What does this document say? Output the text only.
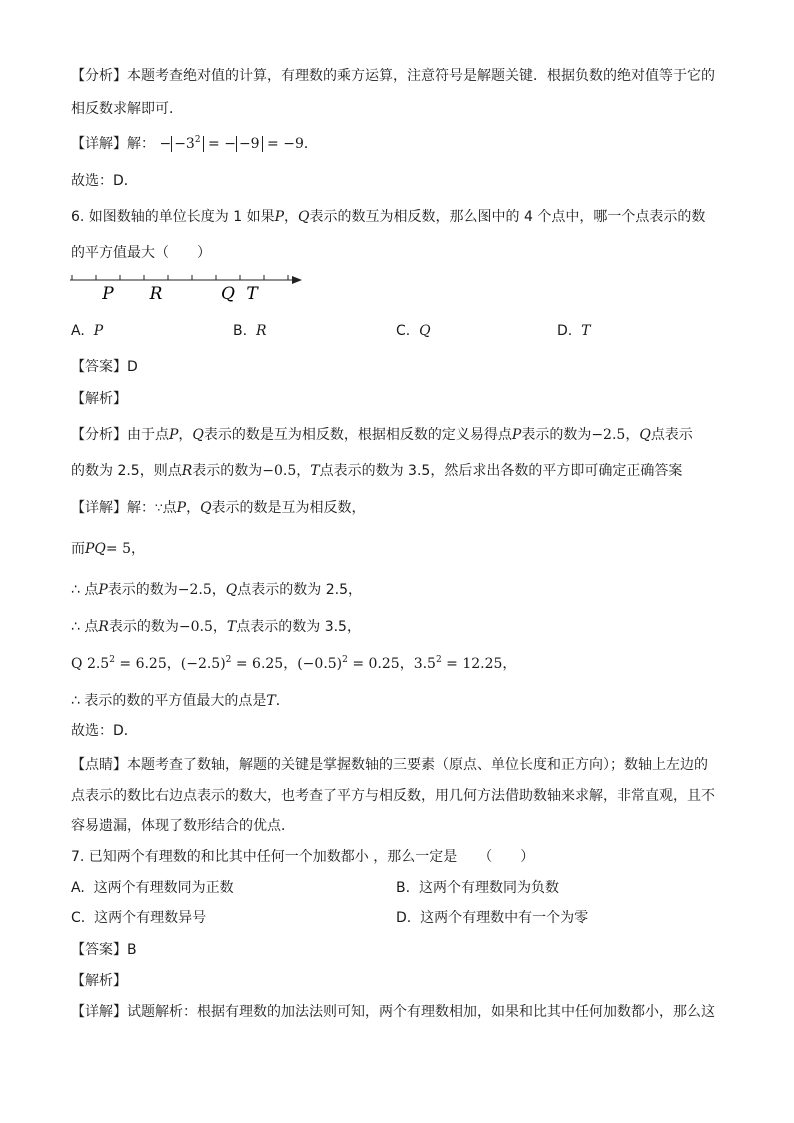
【分析】本题考查绝对值的计算，有理数的乘方运算，注意符号是解题关键．根据负数的绝对值等于它的
相反数求解即可．
【详解】解： − $-3^2$ = − −9 = −9．
故选：D．
6. 如图数轴的单位长度为 1 如果P，Q表示的数互为相反数，那么图中的 4 个点中，哪一个点表示的数
的平方值最大（　　）
P R	Q T
A. P	B. R	C. Q	D. T
【答案】D
【解析】
【分析】由于点P，Q表示的数是互为相反数，根据相反数的定义易得点P表示的数为−2.5，Q点表示
的数为 2.5，则点R表示的数为−0.5，T点表示的数为 3.5，然后求出各数的平方即可确定正确答案
【详解】解：∵点P，Q表示的数是互为相反数，
而PQ= 5，
∴ 点P表示的数为−2.5，Q点表示的数为 2.5，
∴ 点R表示的数为−0.5，T点表示的数为 3.5，
Q $2.5^2 = 6.25$，$(-2.5)^2 = 6.25$，$(-0.5)^2 = 0.25$，$3.5^2 = 12.25$，
∴ 表示的数的平方值最大的点是T．
故选：D．
【点睛】本题考查了数轴，解题的关键是掌握数轴的三要素（原点、单位长度和正方向）；数轴上左边的
点表示的数比右边点表示的数大，也考查了平方与相反数，用几何方法借助数轴来求解，非常直观，且不
容易遗漏，体现了数形结合的优点．
7. 已知两个有理数的和比其中任何一个加数都小 ，那么一定是　　（　　）
A. 这两个有理数同为正数	B. 这两个有理数同为负数
C. 这两个有理数异号	D. 这两个有理数中有一个为零
【答案】B
【解析】
【详解】试题解析：根据有理数的加法法则可知，两个有理数相加，如果和比其中任何加数都小，那么这
